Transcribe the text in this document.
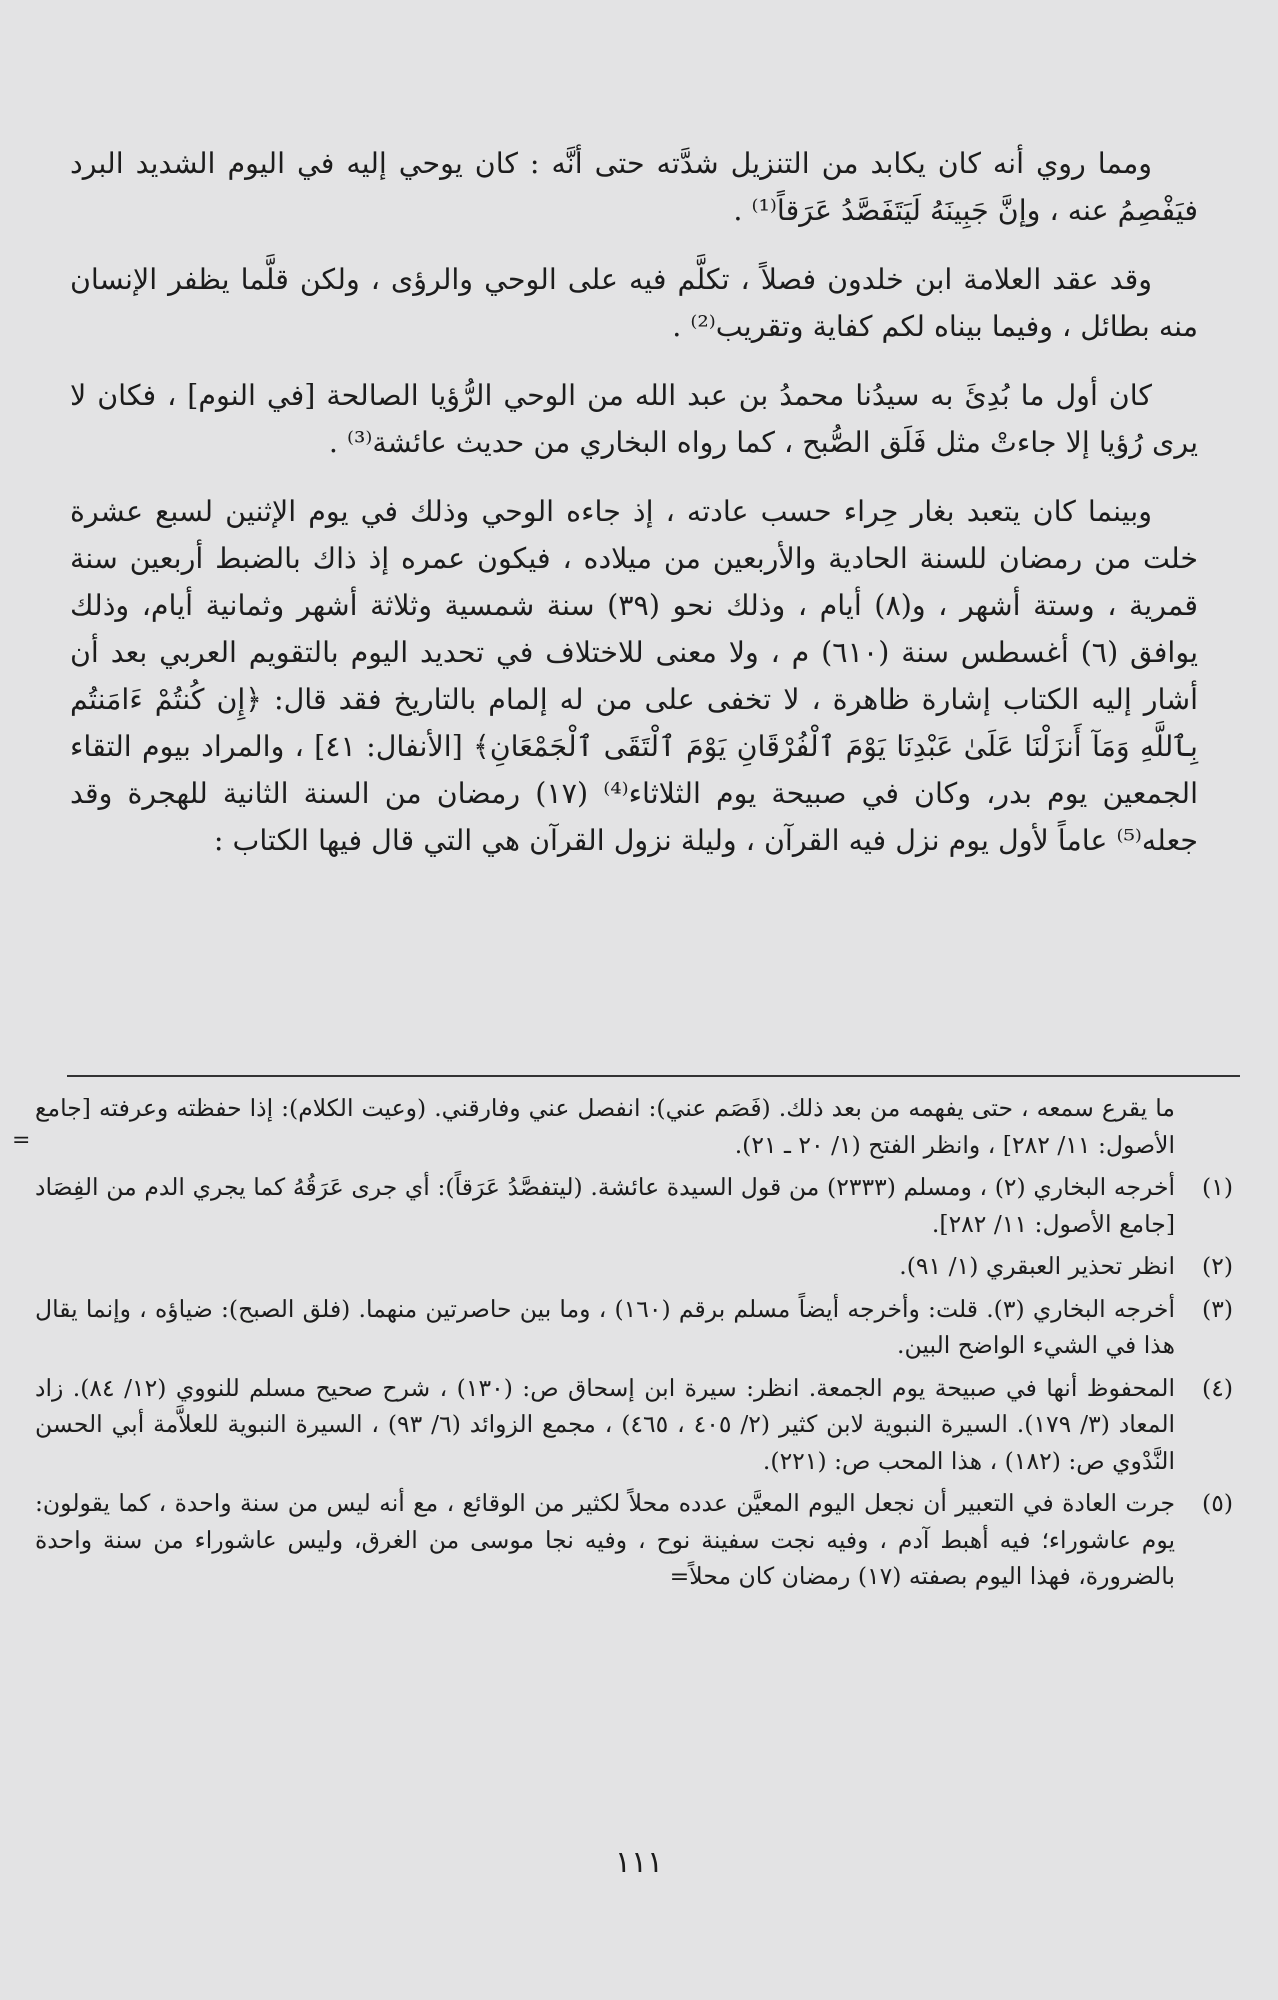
ومما روي أنه كان يكابد من التنزيل شدَّته حتى أنَّه : كان يوحي إليه في اليوم الشديد البرد فيَفْصِمُ عنه ، وإنَّ جَبِينَهُ لَيَتَفَصَّدُ عَرَقاً⁽¹⁾ .

وقد عقد العلامة ابن خلدون فصلاً ، تكلَّم فيه على الوحي والرؤى ، ولكن قلَّما يظفر الإنسان منه بطائل ، وفيما بيناه لكم كفاية وتقريب⁽²⁾ .

كان أول ما بُدِئَ به سيدُنا محمدُ بن عبد الله من الوحي الرُّؤيا الصالحة [في النوم] ، فكان لا يرى رُؤيا إلا جاءتْ مثل فَلَق الصُّبح ، كما رواه البخاري من حديث عائشة⁽³⁾ .

وبينما كان يتعبد بغار حِراء حسب عادته ، إذ جاءه الوحي وذلك في يوم الإثنين لسبع عشرة خلت من رمضان للسنة الحادية والأربعين من ميلاده ، فيكون عمره إذ ذاك بالضبط أربعين سنة قمرية ، وستة أشهر ، و(٨) أيام ، وذلك نحو (٣٩) سنة شمسية وثلاثة أشهر وثمانية أيام، وذلك يوافق (٦) أغسطس سنة (٦١٠) م ، ولا معنى للاختلاف في تحديد اليوم بالتقويم العربي بعد أن أشار إليه الكتاب إشارة ظاهرة ، لا تخفى على من له إلمام بالتاريخ فقد قال: ﴿إِن كُنتُمْ ءَامَنتُم بِٱللَّهِ وَمَآ أَنزَلْنَا عَلَىٰ عَبْدِنَا يَوْمَ ٱلْفُرْقَانِ يَوْمَ ٱلْتَقَى ٱلْجَمْعَانِ﴾ [الأنفال: ٤١] ، والمراد بيوم التقاء الجمعين يوم بدر، وكان في صبيحة يوم الثلاثاء⁽⁴⁾ (١٧) رمضان من السنة الثانية للهجرة وقد جعله⁽⁵⁾ عاماً لأول يوم نزل فيه القرآن ، وليلة نزول القرآن هي التي قال فيها الكتاب :

=
ما يقرع سمعه ، حتى يفهمه من بعد ذلك. (فَصَم عني): انفصل عني وفارقني. (وعيت الكلام): إذا حفظته وعرفته [جامع الأصول: ١١/ ٢٨٢] ، وانظر الفتح (١/ ٢٠ ـ ٢١).
(١)
أخرجه البخاري (٢) ، ومسلم (٢٣٣٣) من قول السيدة عائشة. (ليتفصَّدُ عَرَقاً): أي جرى عَرَقُهُ كما يجري الدم من الفِصَاد [جامع الأصول: ١١/ ٢٨٢].
(٢)
انظر تحذير العبقري (١/ ٩١).
(٣)
أخرجه البخاري (٣). قلت: وأخرجه أيضاً مسلم برقم (١٦٠) ، وما بين حاصرتين منهما. (فلق الصبح): ضياؤه ، وإنما يقال هذا في الشيء الواضح البين.
(٤)
المحفوظ أنها في صبيحة يوم الجمعة. انظر: سيرة ابن إسحاق ص: (١٣٠) ، شرح صحيح مسلم للنووي (١٢/ ٨٤). زاد المعاد (٣/ ١٧٩). السيرة النبوية لابن كثير (٢/ ٤٠٥ ، ٤٦٥) ، مجمع الزوائد (٦/ ٩٣) ، السيرة النبوية للعلاَّمة أبي الحسن النَّدْوي ص: (١٨٢) ، هذا المحب ص: (٢٢١).
(٥)
جرت العادة في التعبير أن نجعل اليوم المعيَّن عدده محلاً لكثير من الوقائع ، مع أنه ليس من سنة واحدة ، كما يقولون: يوم عاشوراء؛ فيه أهبط آدم ، وفيه نجت سفينة نوح ، وفيه نجا موسى من الغرق، وليس عاشوراء من سنة واحدة بالضرورة، فهذا اليوم بصفته (١٧) رمضان كان محلاً=
١١١
